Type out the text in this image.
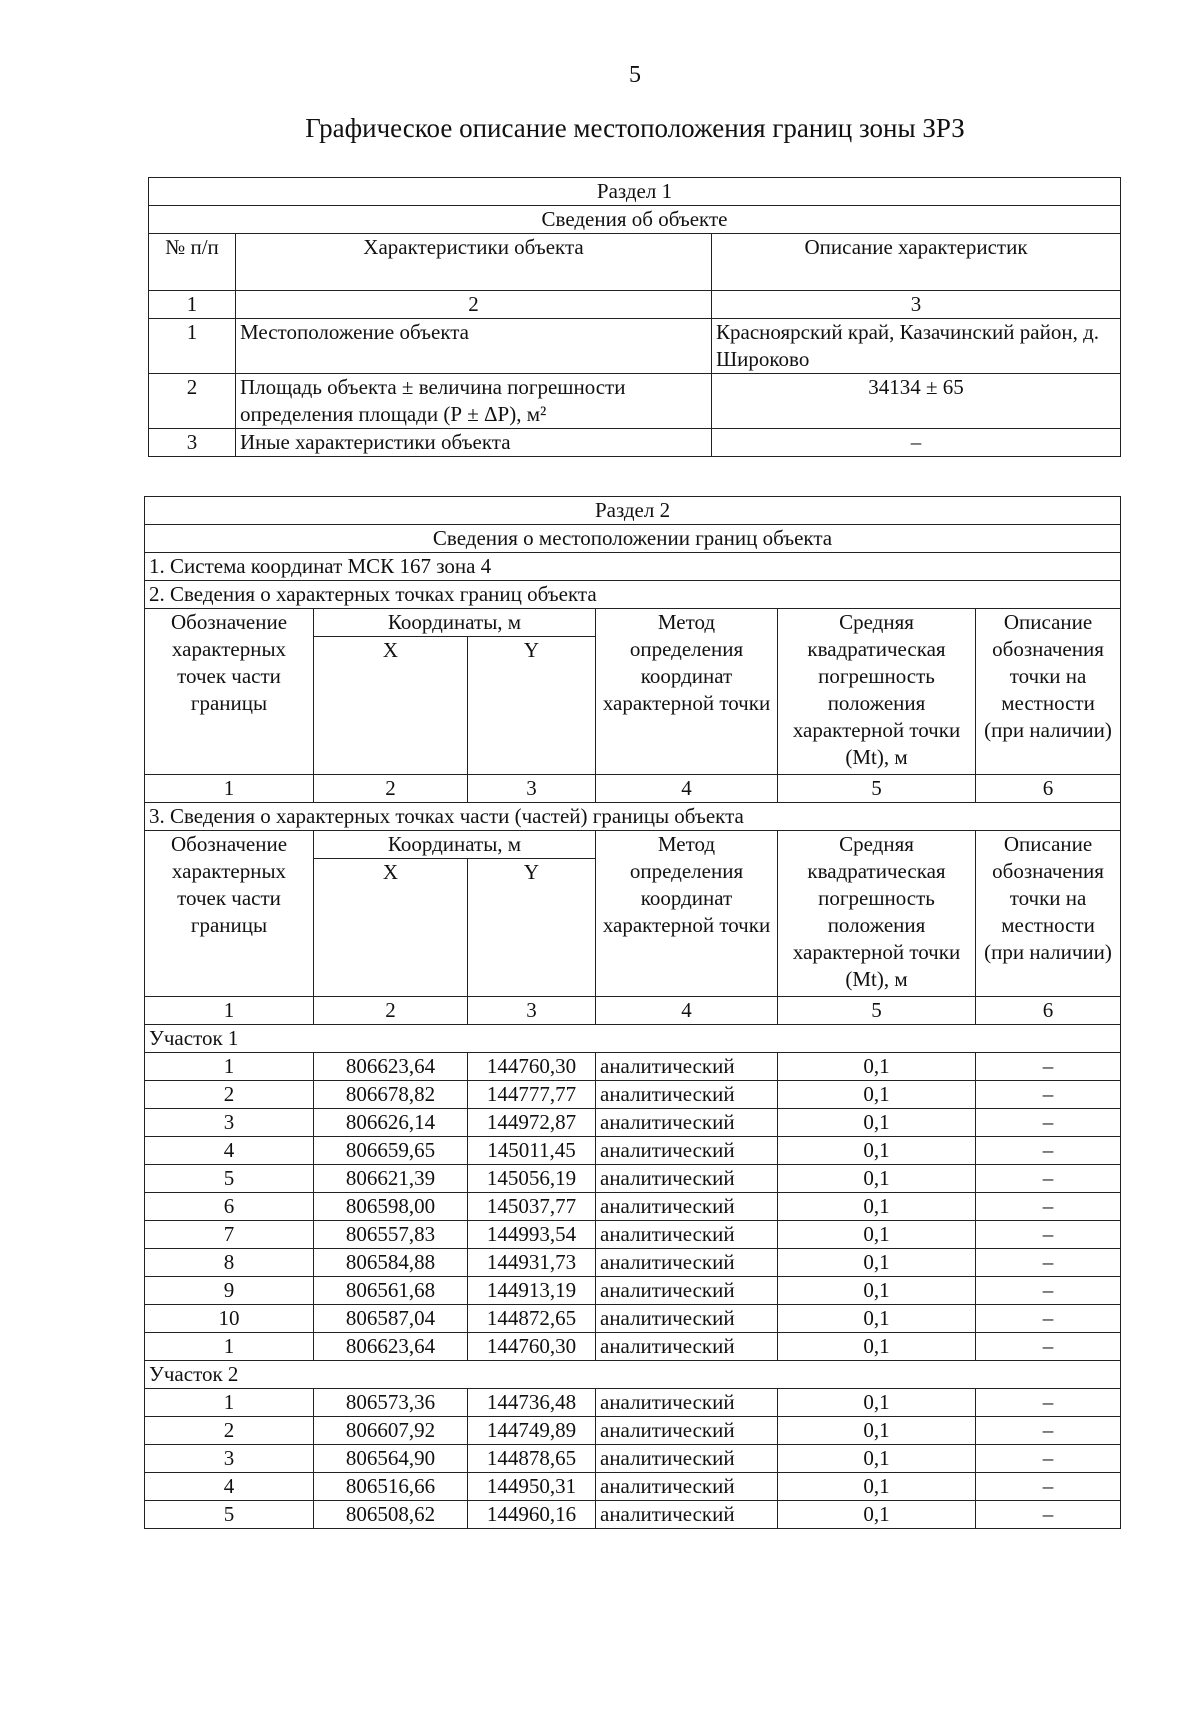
5
Графическое описание местоположения границ зоны ЗРЗ
Раздел 1		
Сведения об объекте		
№ п/п	Характеристики объекта	Описание характеристик
1	2	3
1	Местоположение объекта	Красноярский край, Казачинский район, д. Широково
2	Площадь объекта ± величина погрешности определения площади (Р ± ΔР), м²	34134 ± 65
3	Иные характеристики объекта	–
Раздел 2					
Сведения о местоположении границ объекта					
1. Система координат МСК 167 зона 4					
2. Сведения о характерных точках границ объекта					
Обозначение характерных точек части границы	Координаты, м		Метод определения координат характерной точки	Средняя квадратическая погрешность положения характерной точки (Mt), м	Описание обозначения точки на местности (при наличии)
	X	Y			
1	2	3	4	5	6
3. Сведения о характерных точках части (частей) границы объекта					
Обозначение характерных точек части границы	Координаты, м		Метод определения координат характерной точки	Средняя квадратическая погрешность положения характерной точки (Mt), м	Описание обозначения точки на местности (при наличии)
	X	Y			
1	2	3	4	5	6
Участок 1					
1	806623,64	144760,30	аналитический	0,1	–
2	806678,82	144777,77	аналитический	0,1	–
3	806626,14	144972,87	аналитический	0,1	–
4	806659,65	145011,45	аналитический	0,1	–
5	806621,39	145056,19	аналитический	0,1	–
6	806598,00	145037,77	аналитический	0,1	–
7	806557,83	144993,54	аналитический	0,1	–
8	806584,88	144931,73	аналитический	0,1	–
9	806561,68	144913,19	аналитический	0,1	–
10	806587,04	144872,65	аналитический	0,1	–
1	806623,64	144760,30	аналитический	0,1	–
Участок 2					
1	806573,36	144736,48	аналитический	0,1	–
2	806607,92	144749,89	аналитический	0,1	–
3	806564,90	144878,65	аналитический	0,1	–
4	806516,66	144950,31	аналитический	0,1	–
5	806508,62	144960,16	аналитический	0,1	–
